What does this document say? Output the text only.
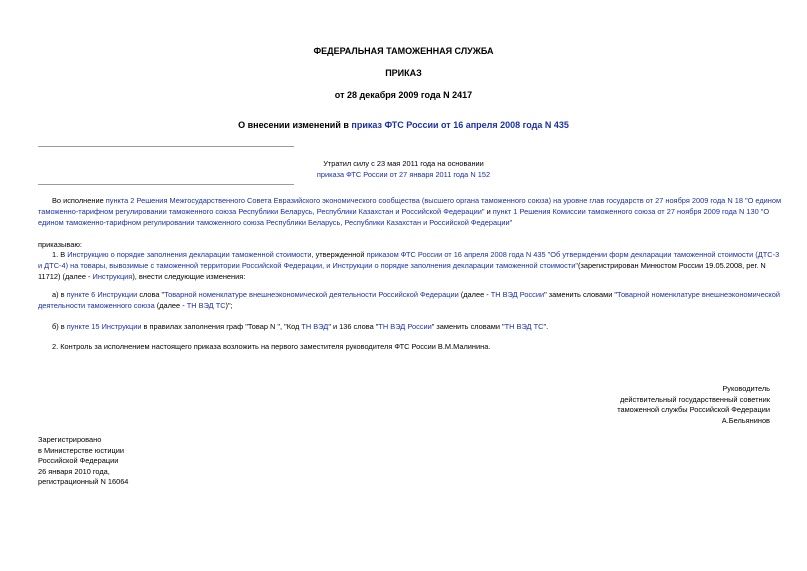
ФЕДЕРАЛЬНАЯ ТАМОЖЕННАЯ СЛУЖБА
ПРИКАЗ
от 28 декабря 2009 года N 2417
О внесении изменений в приказ ФТС России от 16 апреля 2008 года N 435
Утратил силу с 23 мая 2011 года на основании
приказа ФТС России от 27 января 2011 года N 152
Во исполнение пункта 2 Решения Межгосударственного Совета Евразийского экономического сообщества (высшего органа таможенного союза) на уровне глав государств от 27 ноября 2009 года N 18 "О едином таможенно-тарифном регулировании таможенного союза Республики Беларусь, Республики Казахстан и Российской Федерации" и пункт 1 Решения Комиссии таможенного союза от 27 ноября 2009 года N 130 "О едином таможенно-тарифном регулировании таможенного союза Республики Беларусь, Республики Казахстан и Российской Федерации"
приказываю:
1. В Инструкцию о порядке заполнения декларации таможенной стоимости, утвержденной приказом ФТС России от 16 апреля 2008 года N 435 "Об утверждении форм декларации таможенной стоимости (ДТС-3 и ДТС-4) на товары, вывозимые с таможенной территории Российской Федерации, и Инструкции о порядке заполнения декларации таможенной стоимости"(зарегистрирован Минюстом России 19.05.2008, рег. N 11712) (далее - Инструкция), внести следующие изменения:
а) в пункте 6 Инструкции слова "Товарной номенклатуре внешнеэкономической деятельности Российской Федерации (далее - ТН ВЭД России" заменить словами "Товарной номенклатуре внешнеэкономической деятельности таможенного союза (далее - ТН ВЭД ТС)";
б) в пункте 15 Инструкции в правилах заполнения граф "Товар N ", "Код ТН ВЭД" и 136 слова "ТН ВЭД России" заменить словами "ТН ВЭД ТС".
2. Контроль за исполнением настоящего приказа возложить на первого заместителя руководителя ФТС России В.М.Малинина.
Руководитель
действительный государственный советник
таможенной службы Российской Федерации
А.Бельянинов
Зарегистрировано
в Министерстве юстиции
Российской Федерации
26 января 2010 года,
регистрационный N 16064
